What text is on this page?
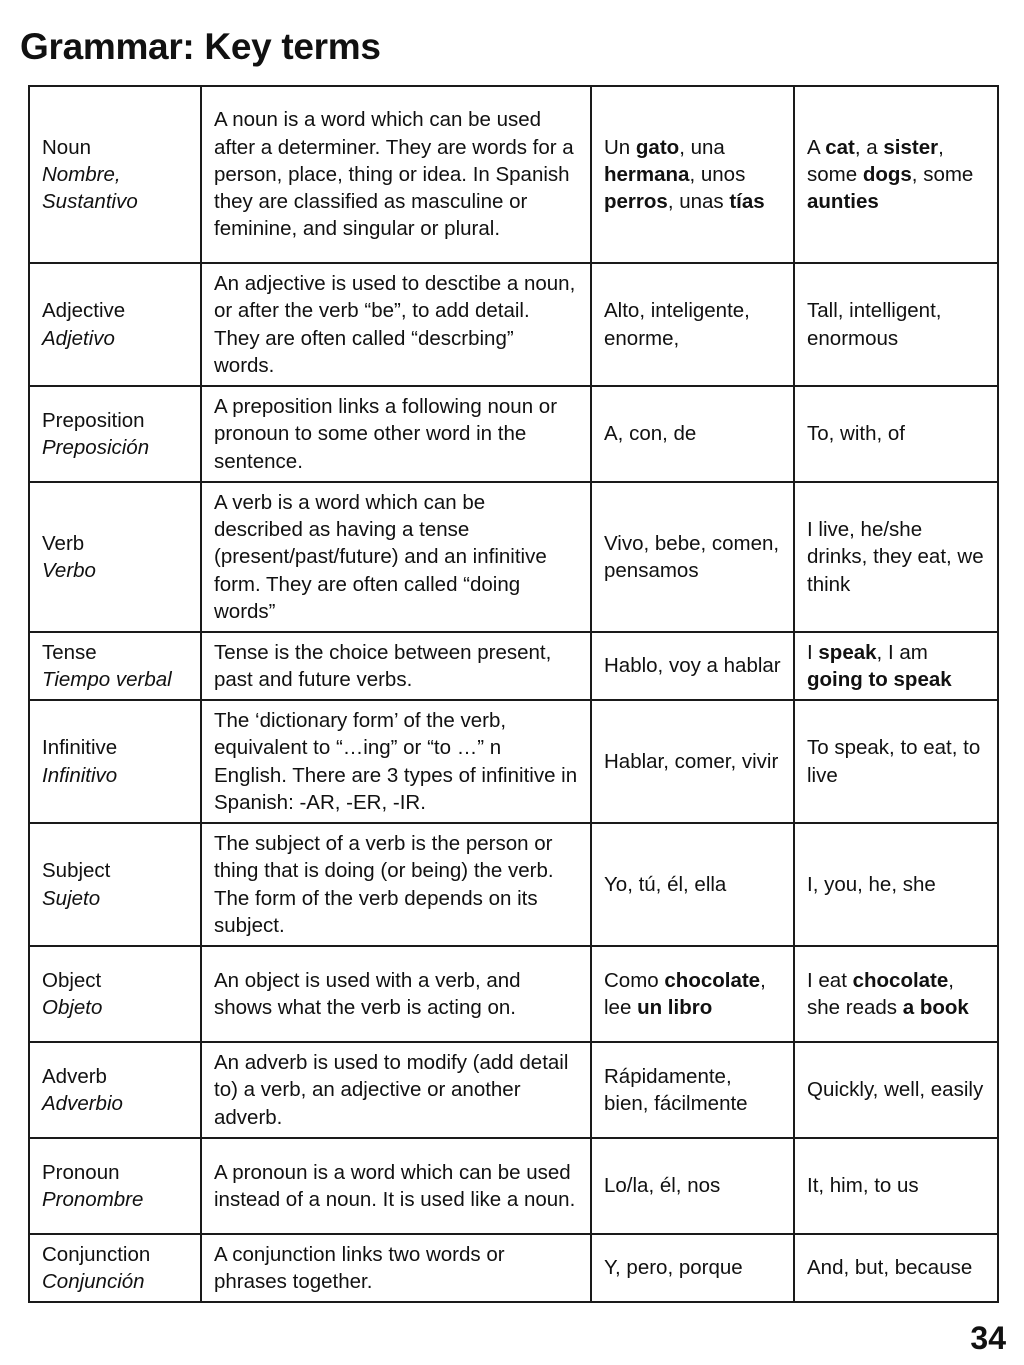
Grammar: Key terms
Noun
Nombre, Sustantivo	A noun is a word which can be used after a determiner. They are words for a person, place, thing or idea. In Spanish they are classified as masculine or feminine, and singular or plural.	Un gato, una hermana, unos perros, unas tías	A cat, a sister, some dogs, some aunties

Adjective
Adjetivo	An adjective is used to desctibe a noun, or after the verb “be”, to add detail. They are often called “descrbing” words.	Alto, inteligente, enorme,	Tall, intelligent, enormous

Preposition
Preposición	A preposition links a following noun or pronoun to some other word in the sentence.	A, con, de	To, with, of

Verb
Verbo	A verb is a word which can be described as having a tense (present/past/future) and an infinitive form. They are often called “doing words”	Vivo, bebe, comen, pensamos	I live, he/she drinks, they eat, we think

Tense
Tiempo verbal	Tense is the choice between present, past and future verbs.	Hablo, voy a hablar	I speak, I am going to speak

Infinitive
Infinitivo	The ‘dictionary form’ of the verb, equivalent to “…ing” or “to …” n English. There are 3 types of infinitive in Spanish: -AR, -ER, -IR.	Hablar, comer, vivir	To speak, to eat, to live

Subject
Sujeto	The subject of a verb is the person or thing that is doing (or being) the verb. The form of the verb depends on its subject.	Yo, tú, él, ella	I, you, he, she

Object
Objeto	An object is used with a verb, and shows what the verb is acting on.	Como chocolate, lee un libro	I eat chocolate, she reads a book

Adverb
Adverbio	An adverb is used to modify (add detail to) a verb, an adjective or another adverb.	Rápidamente, bien, fácilmente	Quickly, well, easily

Pronoun
Pronombre	A pronoun is a word which can be used instead of a noun. It is used like a noun.	Lo/la, él, nos	It, him, to us

Conjunction
Conjunción	A conjunction links two words or phrases together.	Y, pero, porque	And, but, because
34
